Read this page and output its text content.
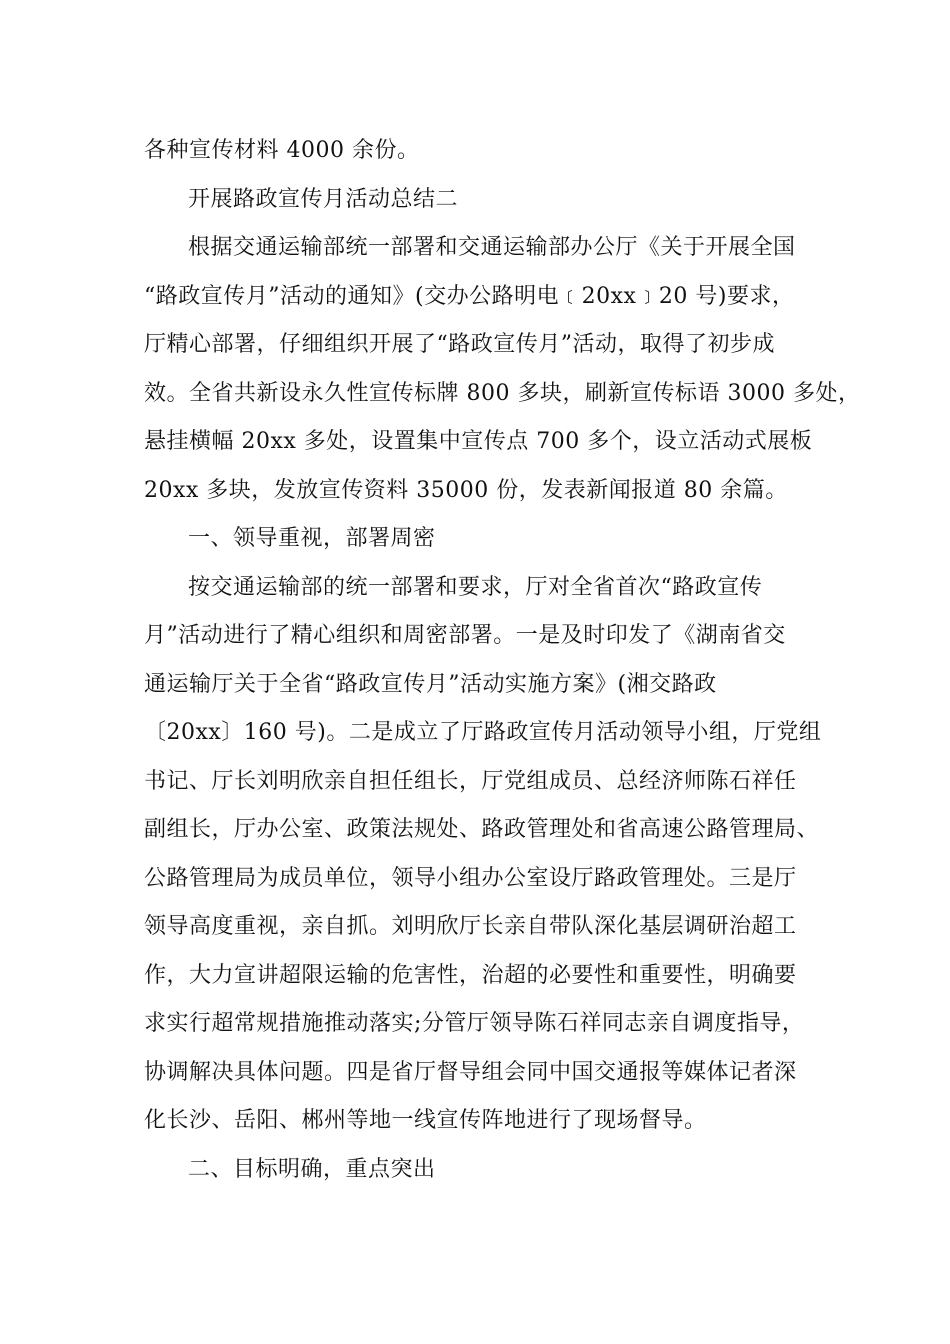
各种宣传材料 4000 余份。
开展路政宣传月活动总结二
根据交通运输部统一部署和交通运输部办公厅《关于开展全国
“路政宣传月”活动的通知》(交办公路明电﹝20xx﹞20 号)要求，
厅精心部署，仔细组织开展了“路政宣传月”活动，取得了初步成
效。全省共新设永久性宣传标牌 800 多块，刷新宣传标语 3000 多处，
悬挂横幅 20xx 多处，设置集中宣传点 700 多个，设立活动式展板
20xx 多块，发放宣传资料 35000 份，发表新闻报道 80 余篇。
一、领导重视，部署周密
按交通运输部的统一部署和要求，厅对全省首次“路政宣传
月”活动进行了精心组织和周密部署。一是及时印发了《湖南省交
通运输厅关于全省“路政宣传月”活动实施方案》(湘交路政
〔20xx〕160 号)。二是成立了厅路政宣传月活动领导小组，厅党组
书记、厅长刘明欣亲自担任组长，厅党组成员、总经济师陈石祥任
副组长，厅办公室、政策法规处、路政管理处和省高速公路管理局、
公路管理局为成员单位，领导小组办公室设厅路政管理处。三是厅
领导高度重视，亲自抓。刘明欣厅长亲自带队深化基层调研治超工
作，大力宣讲超限运输的危害性，治超的必要性和重要性，明确要
求实行超常规措施推动落实;分管厅领导陈石祥同志亲自调度指导，
协调解决具体问题。四是省厅督导组会同中国交通报等媒体记者深
化长沙、岳阳、郴州等地一线宣传阵地进行了现场督导。
二、目标明确，重点突出
